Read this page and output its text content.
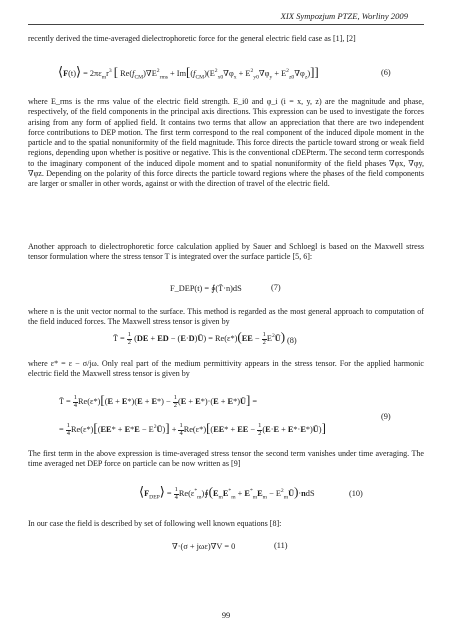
XIX Sympozjum PTZE, Worliny 2009

recently derived the time-averaged dielectrophoretic force for the general electric field case as [1], [2]

⟨F(t)⟩ = $2\pi\varepsilon_mr^3$ [ $Re(f_{CM})\nabla E^2_{rms} + Im[(f_{CM})(E^2_{x0}\nabla\varphi_x + E^2_{y0}\nabla\varphi_y + E^2_{z0}\nabla\varphi_z)]$]	(6)

where E_rms is the rms value of the electric field strength. E_i0 and φ_i (i = x, y, z) are the magnitude and phase, respectively, of the field components in the principal axis directions. This expression can be used to investigate the forces arising from any form of applied field. It contains two terms that allow an appreciation that there are two independent force contributions to DEP motion. The first term correspond to the real component of the induced dipole moment in the particle and to the spatial nonuniformity of the field magnitude. This force directs the particle toward strong or weak field regions, depending upon whether is positive or negative. This is the conventional cDEPterm. The second term corresponds to the imaginary component of the induced dipole moment and to spatial nonuniformity of the field phases ∇φx, ∇φy, ∇φz. Depending on the polarity of this force directs the particle toward regions where the phases of the field components are larger or smaller in other words, against or with the direction of travel of the electric field.

Another approach to dielectrophoretic force calculation applied by Sauer and Schloegl is based on the Maxwell stress tensor formulation where the stress tensor T is integrated over the surface particle [5, 6]:

F_DEP(t) = ∮(T̄·n)dS	(7)

where n is the unit vector normal to the surface. This method is regarded as the most general approach to computation of the field induced forces. The Maxwell stress tensor is given by

T̄ = $\frac{1}{2} (DE$ + ED − (E·D)Ū) = $Re(\varepsilon*)(EE - \frac{1}{2}$ $E^2Ū$) (8)

where ε* = ε − σ/jω. Only real part of the medium permittivity appears in the stress tensor. For the applied harmonic electric field the Maxwell stress tensor is given by

T̄ = $\frac{1}{4} Re(\varepsilon*)[(E + E*)(E + E*) - \frac{1}{2} (E + E*)\cdot(E$ + E*)Ū] =
= $\frac{1}{4} Re(\varepsilon*)[(EE* + E*E$ − $E^2Ū)] + \frac{1}{4} Re(\varepsilon*)[(EE*$ + EE − $\frac{1}{2} (E\cdot E$ + E*·E*)Ū)]
(9)

The first term in the above expression is time-averaged stress tensor the second term vanishes under time averaging. The time averaged net DEP force on particle can be now written as [9]

$⟨F_{DEP}⟩ = \frac{1}{4}$ $Re(\varepsilon^*_m)∮(E_mE^*_m + E^*_mE_m$ − $E^2_mŪ)\cdot ndS$	(10)

In our case the field is described by set of following well known equations [8]:

∇·(σ + jωε)∇V = 0	(11)
99
